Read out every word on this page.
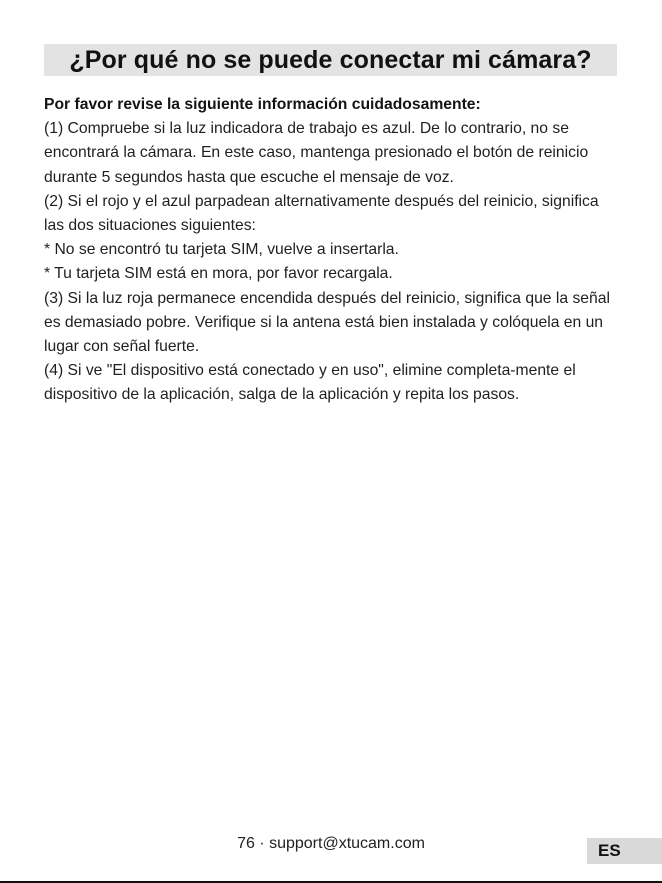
¿Por qué no se puede conectar mi cámara?

Por favor revise la siguiente información cuidadosamente:

(1) Compruebe si la luz indicadora de trabajo es azul. De lo contrario, no se encontrará la cámara. En este caso, mantenga presionado el botón de reinicio durante 5 segundos hasta que escuche el mensaje de voz.

(2) Si el rojo y el azul parpadean alternativamente después del reinicio, significa las dos situaciones siguientes:

* No se encontró tu tarjeta SIM, vuelve a insertarla.

* Tu tarjeta SIM está en mora, por favor recargala.

(3) Si la luz roja permanece encendida después del reinicio, significa que la señal es demasiado pobre. Verifique si la antena está bien instalada y colóquela en un lugar con señal fuerte.

(4) Si ve "El dispositivo está conectado y en uso", elimine completa-mente el dispositivo de la aplicación, salga de la aplicación y repita los pasos.

76 · support@xtucam.com	ES
